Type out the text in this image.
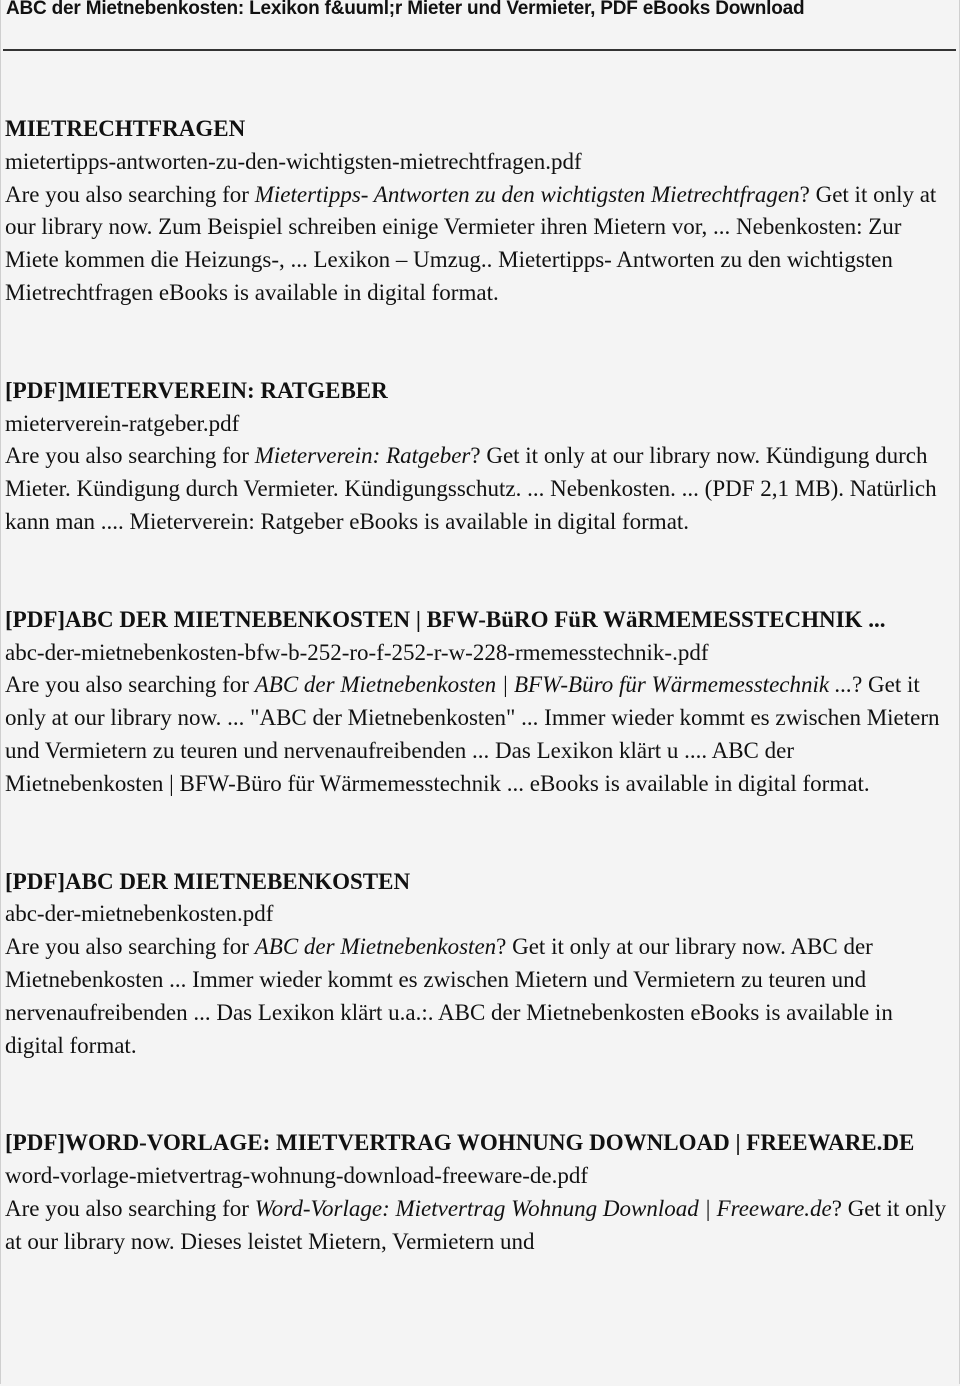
ABC der Mietnebenkosten: Lexikon f&uuml;r Mieter und Vermieter, PDF eBooks Download
MIETRECHTFRAGEN
mietertipps-antworten-zu-den-wichtigsten-mietrechtfragen.pdf
Are you also searching for Mietertipps- Antworten zu den wichtigsten Mietrechtfragen? Get it only at our library now. Zum Beispiel schreiben einige Vermieter ihren Mietern vor, ... Nebenkosten: Zur Miete kommen die Heizungs-, ... Lexikon – Umzug.. Mietertipps- Antworten zu den wichtigsten Mietrechtfragen eBooks is available in digital format.
[PDF]MIETERVEREIN: RATGEBER
mieterverein-ratgeber.pdf
Are you also searching for Mieterverein: Ratgeber? Get it only at our library now. Kündigung durch Mieter. Kündigung durch Vermieter. Kündigungsschutz. ... Nebenkosten. ... (PDF 2,1 MB). Natürlich kann man .... Mieterverein: Ratgeber eBooks is available in digital format.
[PDF]ABC DER MIETNEBENKOSTEN | BFW-BüRO FüR WäRMEMESSTECHNIK ...
abc-der-mietnebenkosten-bfw-b-252-ro-f-252-r-w-228-rmemesstechnik-.pdf
Are you also searching for ABC der Mietnebenkosten | BFW-Büro für Wärmemesstechnik ...? Get it only at our library now. ... "ABC der Mietnebenkosten" ... Immer wieder kommt es zwischen Mietern und Vermietern zu teuren und nervenaufreibenden ... Das Lexikon klärt u .... ABC der Mietnebenkosten | BFW-Büro für Wärmemesstechnik ... eBooks is available in digital format.
[PDF]ABC DER MIETNEBENKOSTEN
abc-der-mietnebenkosten.pdf
Are you also searching for ABC der Mietnebenkosten? Get it only at our library now. ABC der Mietnebenkosten ... Immer wieder kommt es zwischen Mietern und Vermietern zu teuren und nervenaufreibenden ... Das Lexikon klärt u.a.:. ABC der Mietnebenkosten eBooks is available in digital format.
[PDF]WORD-VORLAGE: MIETVERTRAG WOHNUNG DOWNLOAD | FREEWARE.DE
word-vorlage-mietvertrag-wohnung-download-freeware-de.pdf
Are you also searching for Word-Vorlage: Mietvertrag Wohnung Download | Freeware.de? Get it only at our library now. Dieses leistet Mietern, Vermietern und
